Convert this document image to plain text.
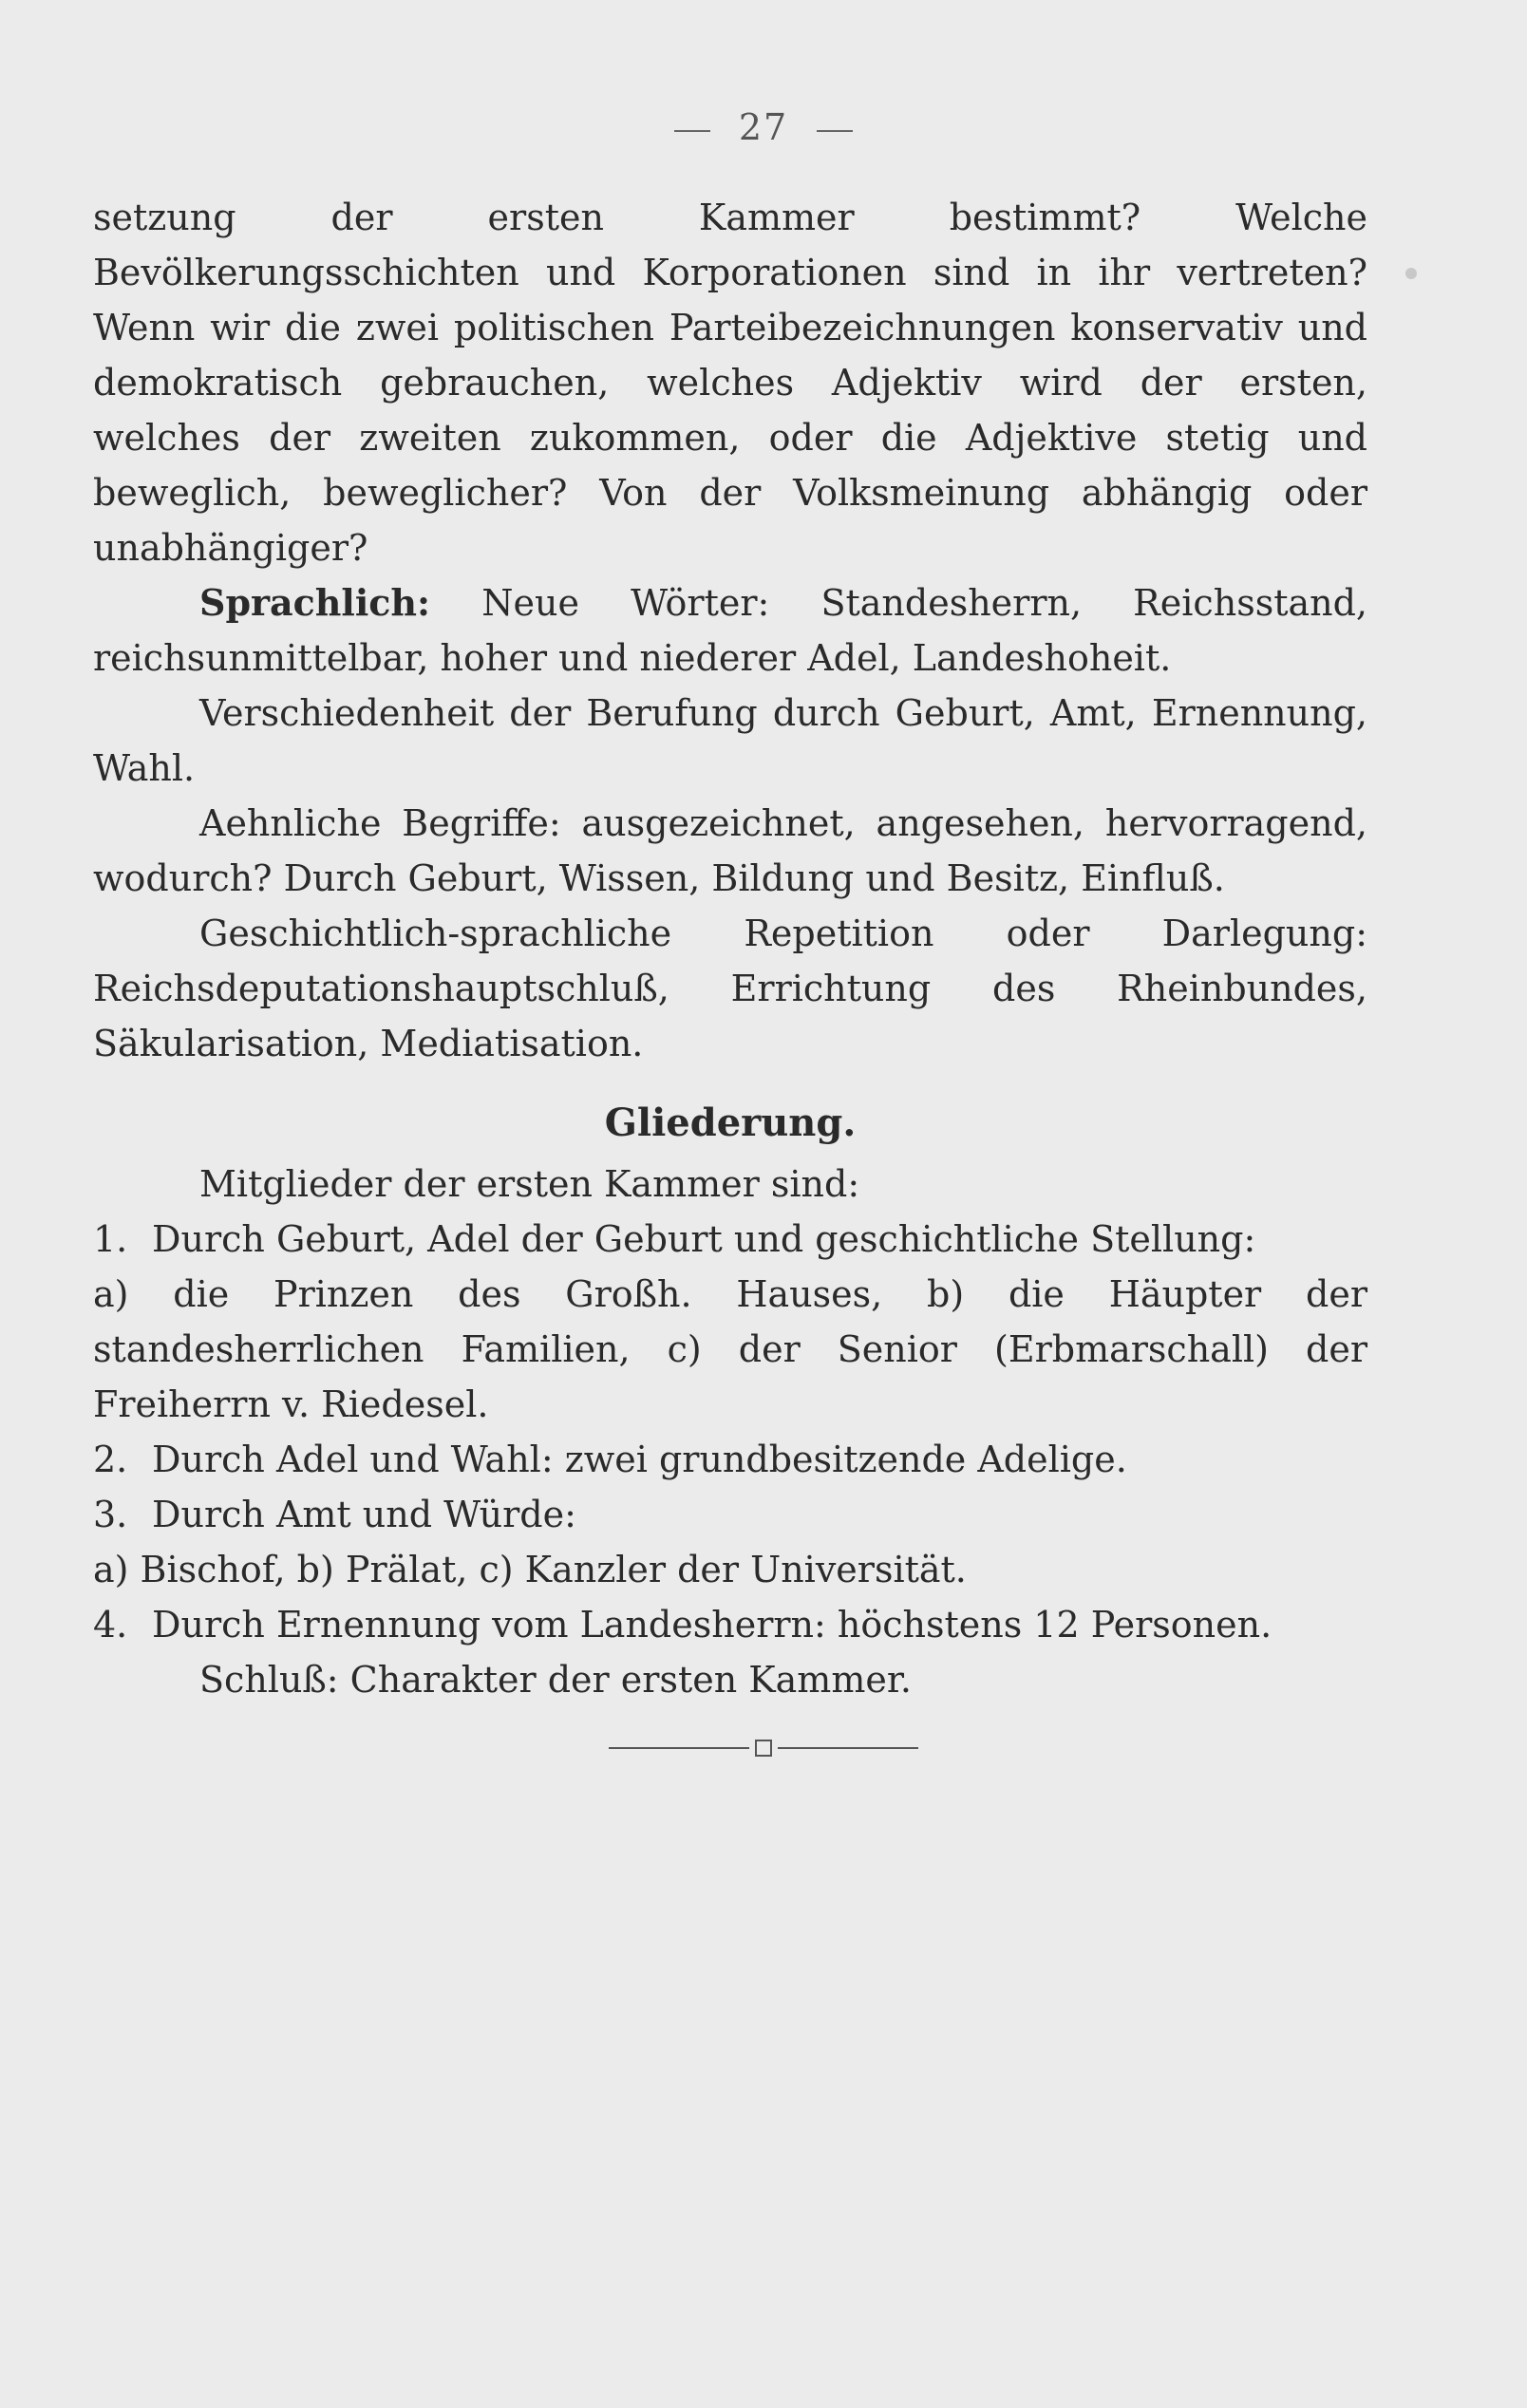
27

setzung der ersten Kammer bestimmt? Welche Bevölkerungsschichten und Korporationen sind in ihr vertreten? Wenn wir die zwei politischen Parteibezeichnungen konservativ und demokratisch gebrauchen, welches Adjektiv wird der ersten, welches der zweiten zukommen, oder die Adjektive stetig und beweglich, beweglicher? Von der Volksmeinung abhängig oder unabhängiger?

Sprachlich: Neue Wörter: Standesherrn, Reichsstand, reichsunmittelbar, hoher und niederer Adel, Landeshoheit.

Verschiedenheit der Berufung durch Geburt, Amt, Ernennung, Wahl.

Aehnliche Begriffe: ausgezeichnet, angesehen, hervorragend, wodurch? Durch Geburt, Wissen, Bildung und Besitz, Einfluß.

Geschichtlich-sprachliche Repetition oder Darlegung: Reichsdeputationshauptschluß, Errichtung des Rheinbundes, Säkularisation, Mediatisation.

Gliederung.

Mitglieder der ersten Kammer sind:

1. Durch Geburt, Adel der Geburt und geschichtliche Stellung:

a) die Prinzen des Großh. Hauses, b) die Häupter der standesherrlichen Familien, c) der Senior (Erbmarschall) der Freiherrn v. Riedesel.

2. Durch Adel und Wahl: zwei grundbesitzende Adelige.

3. Durch Amt und Würde:

a) Bischof, b) Prälat, c) Kanzler der Universität.

4. Durch Ernennung vom Landesherrn: höchstens 12 Personen.

Schluß: Charakter der ersten Kammer.
